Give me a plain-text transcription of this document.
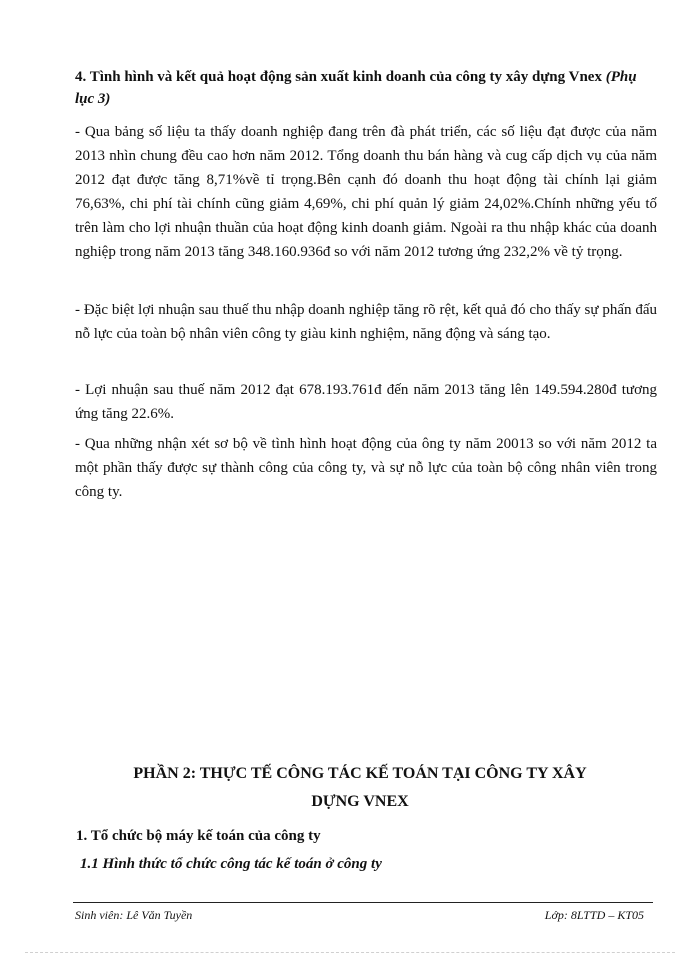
4. Tình hình và kết quả hoạt động sản xuất kinh doanh của công ty xây dựng Vnex (Phụ lục 3)

- Qua bảng số liệu ta thấy doanh nghiệp đang trên đà phát triển, các số liệu đạt được của năm 2013 nhìn chung đều cao hơn năm 2012. Tổng doanh thu bán hàng và cug cấp dịch vụ của năm 2012 đạt được tăng 8,71%về tỉ trọng.Bên cạnh đó doanh thu hoạt động tài chính lại giảm 76,63%, chi phí tài chính cũng giảm 4,69%, chi phí quản lý giảm 24,02%.Chính những yếu tố trên làm cho lợi nhuận thuần của hoạt động kinh doanh giảm. Ngoài ra thu nhập khác của doanh nghiệp trong năm 2013 tăng 348.160.936đ so với năm 2012 tương ứng 232,2% về tỷ trọng.

- Đặc biệt lợi nhuận sau thuế thu nhập doanh nghiệp tăng rõ rệt, kết quả đó cho thấy sự phấn đấu nỗ lực của toàn bộ nhân viên công ty giàu kinh nghiệm, năng động và sáng tạo.

- Lợi nhuận sau thuế năm 2012 đạt 678.193.761đ đến năm 2013 tăng lên 149.594.280đ tương ứng tăng 22.6%.

- Qua những nhận xét sơ bộ về tình hình hoạt động của ông ty năm 20013 so với năm 2012 ta một phần thấy được sự thành công của công ty, và sự nỗ lực của toàn bộ công nhân viên trong công ty.

PHẦN 2: THỰC TẾ CÔNG TÁC KẾ TOÁN TẠI CÔNG TY XÂY
DỰNG VNEX

1. Tổ chức bộ máy kế toán của công ty

1.1 Hình thức tổ chức công tác kế toán ở công ty

Sinh viên: Lê Văn Tuyền	Lớp: 8LTTD – KT05
